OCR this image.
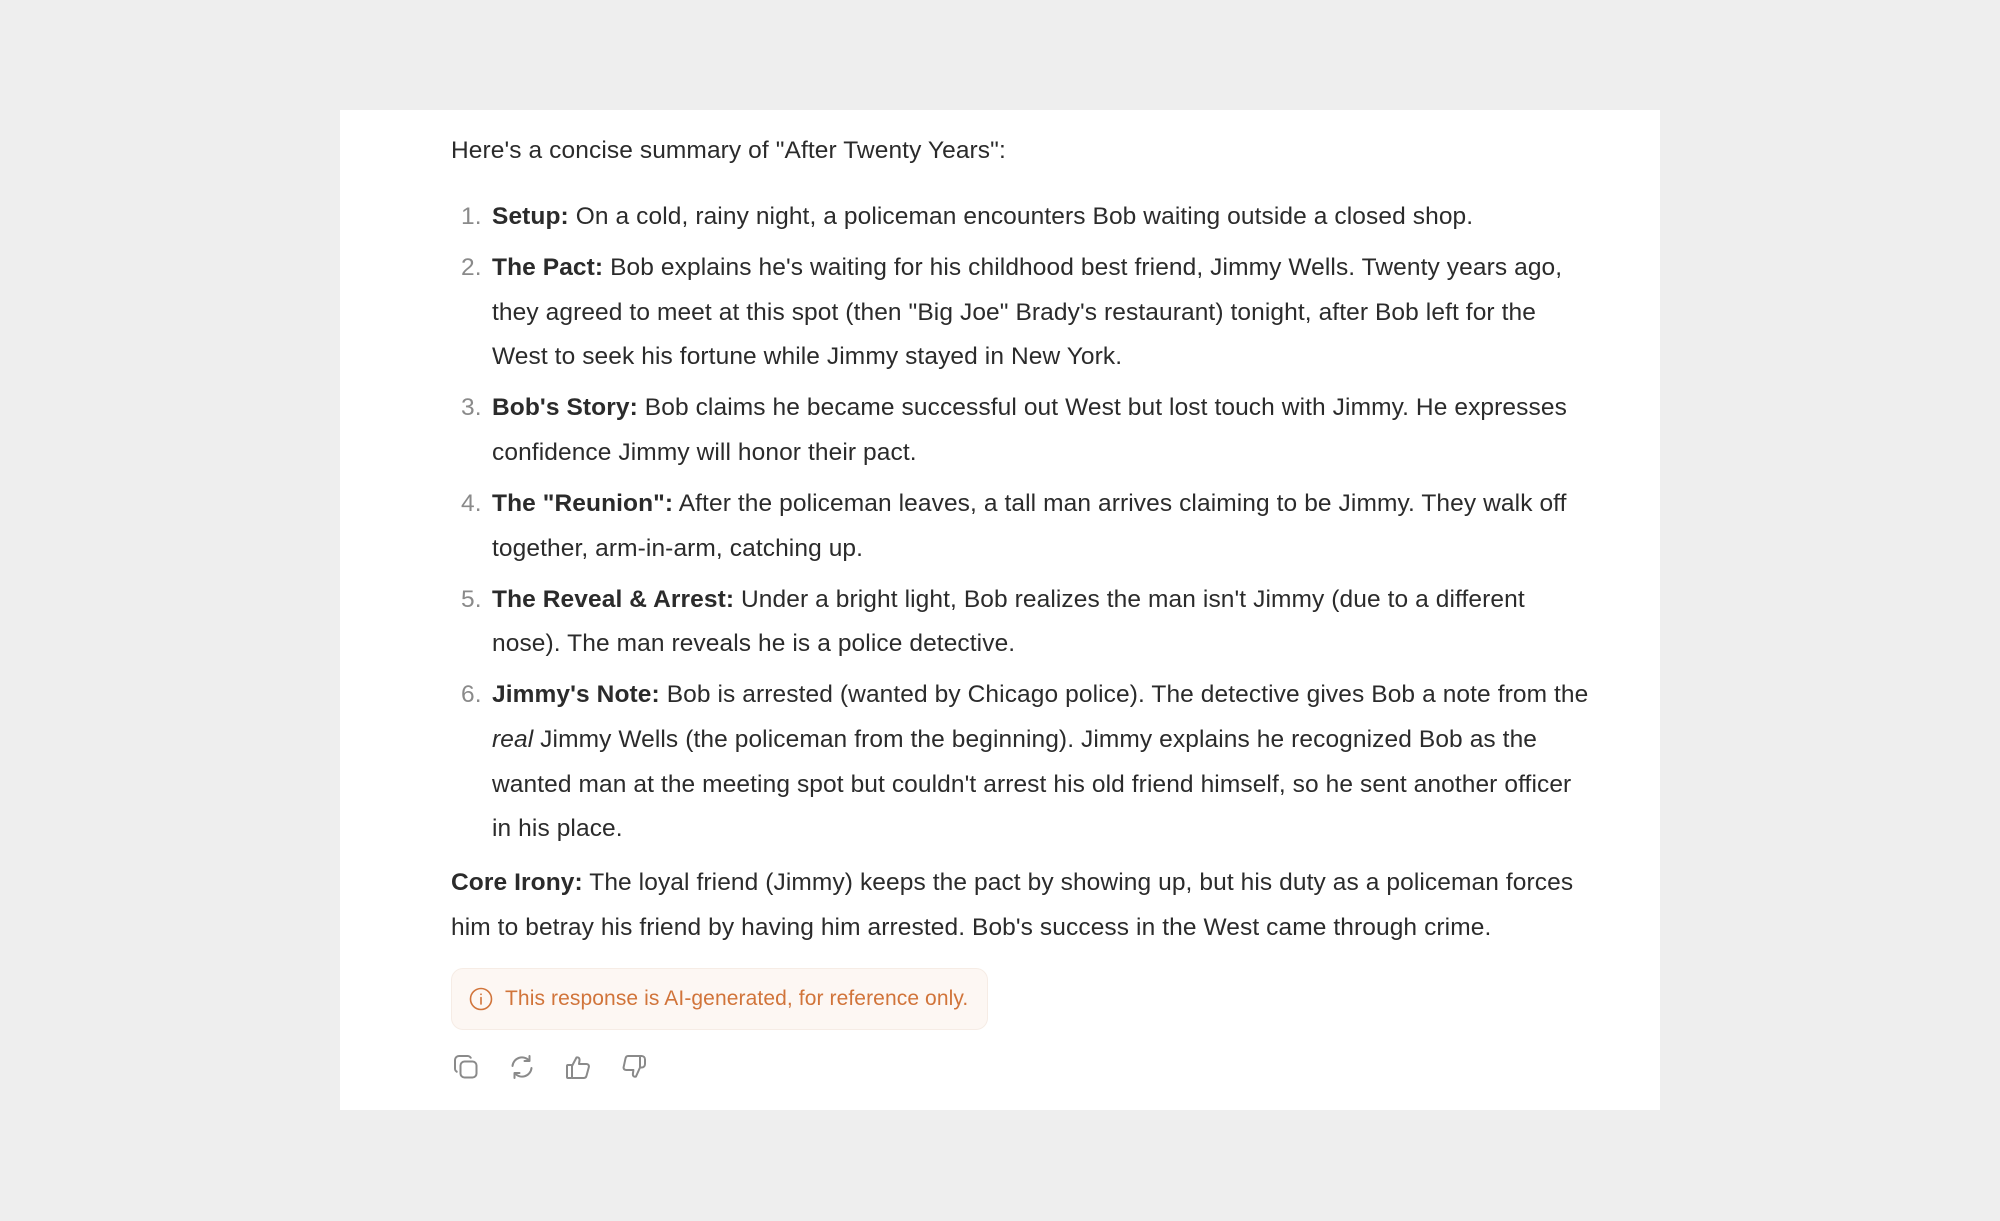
Here's a concise summary of "After Twenty Years":
1. Setup: On a cold, rainy night, a policeman encounters Bob waiting outside a closed shop.
2. The Pact: Bob explains he's waiting for his childhood best friend, Jimmy Wells. Twenty years ago,
they agreed to meet at this spot (then "Big Joe" Brady's restaurant) tonight, after Bob left for the
West to seek his fortune while Jimmy stayed in New York.
3. Bob's Story: Bob claims he became successful out West but lost touch with Jimmy. He expresses
confidence Jimmy will honor their pact.
4. The "Reunion": After the policeman leaves, a tall man arrives claiming to be Jimmy. They walk off
together, arm-in-arm, catching up.
5. The Reveal & Arrest: Under a bright light, Bob realizes the man isn't Jimmy (due to a different
nose). The man reveals he is a police detective.
6. Jimmy's Note: Bob is arrested (wanted by Chicago police). The detective gives Bob a note from the
real Jimmy Wells (the policeman from the beginning). Jimmy explains he recognized Bob as the
wanted man at the meeting spot but couldn't arrest his old friend himself, so he sent another officer
in his place.
Core Irony: The loyal friend (Jimmy) keeps the pact by showing up, but his duty as a policeman forces
him to betray his friend by having him arrested. Bob's success in the West came through crime.
This response is AI-generated, for reference only.
